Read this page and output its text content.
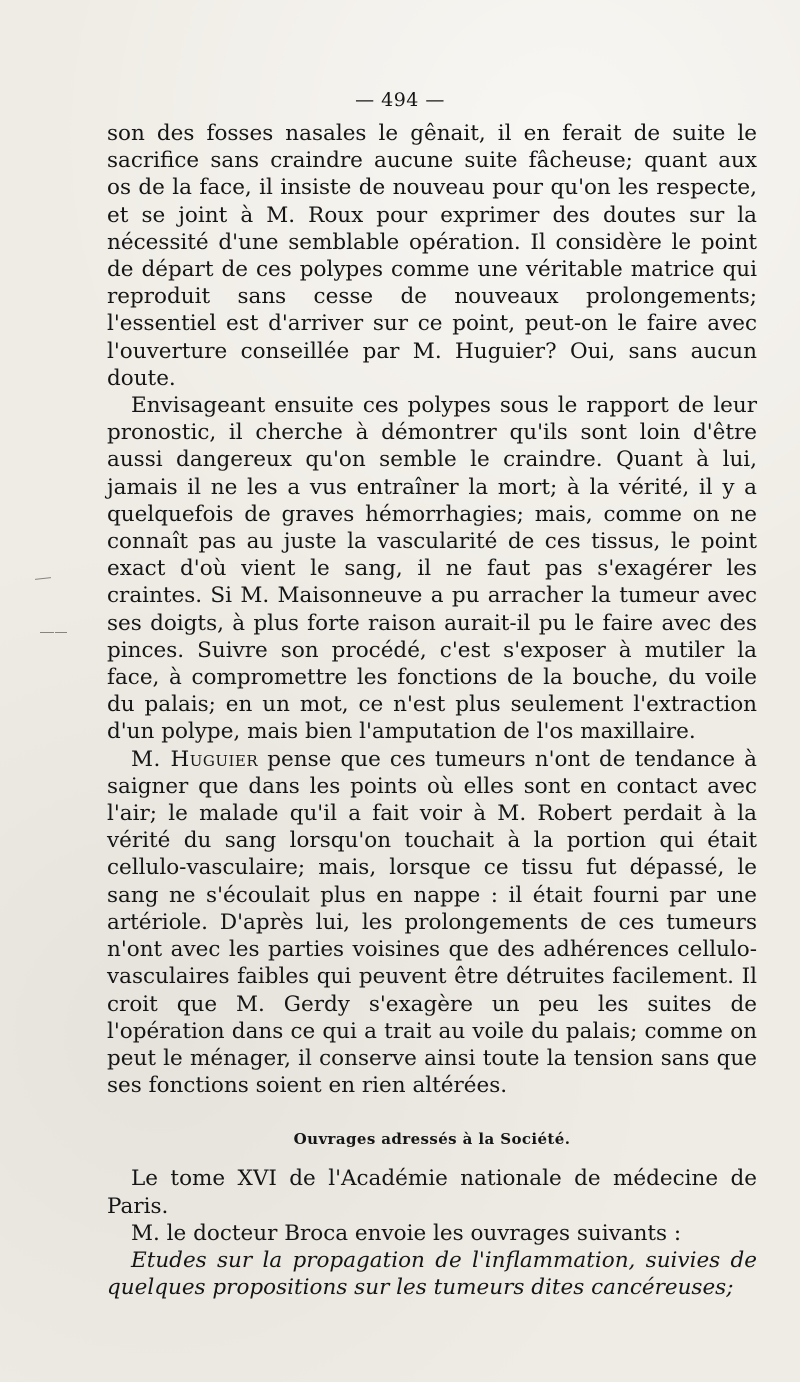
— 494 —

son des fosses nasales le gênait, il en ferait de suite le sacrifice sans craindre aucune suite fâcheuse; quant aux os de la face, il insiste de nouveau pour qu'on les respecte, et se joint à M. Roux pour exprimer des doutes sur la nécessité d'une semblable opération. Il considère le point de départ de ces polypes comme une véritable matrice qui reproduit sans cesse de nouveaux prolongements; l'essentiel est d'arriver sur ce point, peut-on le faire avec l'ouverture conseillée par M. Huguier? Oui, sans aucun doute.

Envisageant ensuite ces polypes sous le rapport de leur pronostic, il cherche à démontrer qu'ils sont loin d'être aussi dangereux qu'on semble le craindre. Quant à lui, jamais il ne les a vus entraîner la mort; à la vérité, il y a quelquefois de graves hémorrhagies; mais, comme on ne connaît pas au juste la vascularité de ces tissus, le point exact d'où vient le sang, il ne faut pas s'exagérer les craintes. Si M. Maisonneuve a pu arracher la tumeur avec ses doigts, à plus forte raison aurait-il pu le faire avec des pinces. Suivre son procédé, c'est s'exposer à mutiler la face, à compromettre les fonctions de la bouche, du voile du palais; en un mot, ce n'est plus seulement l'extraction d'un polype, mais bien l'amputation de l'os maxillaire.

M. Huguier pense que ces tumeurs n'ont de tendance à saigner que dans les points où elles sont en contact avec l'air; le malade qu'il a fait voir à M. Robert perdait à la vérité du sang lorsqu'on touchait à la portion qui était cellulo-vasculaire; mais, lorsque ce tissu fut dépassé, le sang ne s'écoulait plus en nappe : il était fourni par une artériole. D'après lui, les prolongements de ces tumeurs n'ont avec les parties voisines que des adhérences cellulo-vasculaires faibles qui peuvent être détruites facilement. Il croit que M. Gerdy s'exagère un peu les suites de l'opération dans ce qui a trait au voile du palais; comme on peut le ménager, il conserve ainsi toute la tension sans que ses fonctions soient en rien altérées.

Ouvrages adressés à la Société.

Le tome XVI de l'Académie nationale de médecine de Paris.

M. le docteur Broca envoie les ouvrages suivants :

Etudes sur la propagation de l'inflammation, suivies de quelques propositions sur les tumeurs dites cancéreuses;
